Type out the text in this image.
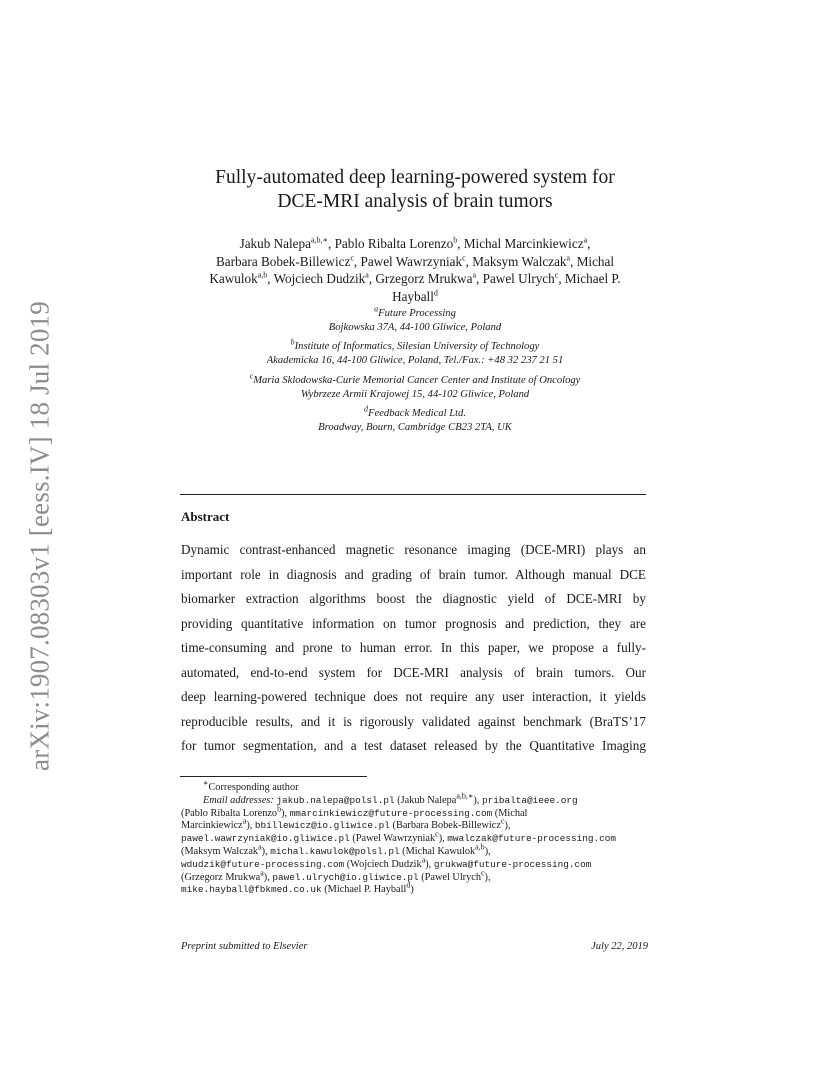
arXiv:1907.08303v1 [eess.IV] 18 Jul 2019
Fully-automated deep learning-powered system for
DCE-MRI analysis of brain tumors
Jakub Nalepa$^{a,b,∗}$, Pablo Ribalta Lorenzo$^b$, Michal Marcinkiewicz$^a$,
Barbara Bobek-Billewicz$^c$, Pawel Wawrzyniak$^c$, Maksym Walczak$^a$, Michal
Kawulok$^{a,b}$, Wojciech Dudzik$^a$, Grzegorz Mrukwa$^a$, Pawel Ulrych$^c$, Michael P.
Hayball$^d$
$^a$Future Processing
Bojkowska 37A, 44-100 Gliwice, Poland
$^b$Institute of Informatics, Silesian University of Technology
Akademicka 16, 44-100 Gliwice, Poland, Tel./Fax.: +48 32 237 21 51
$^c$Maria Sklodowska-Curie Memorial Cancer Center and Institute of Oncology
Wybrzeze Armii Krajowej 15, 44-102 Gliwice, Poland
$^d$Feedback Medical Ltd.
Broadway, Bourn, Cambridge CB23 2TA, UK
Abstract
Dynamic contrast-enhanced magnetic resonance imaging (DCE-MRI) plays an
important role in diagnosis and grading of brain tumor. Although manual DCE
biomarker extraction algorithms boost the diagnostic yield of DCE-MRI by
providing quantitative information on tumor prognosis and prediction, they are
time-consuming and prone to human error. In this paper, we propose a fully-
automated, end-to-end system for DCE-MRI analysis of brain tumors. Our
deep learning-powered technique does not require any user interaction, it yields
reproducible results, and it is rigorously validated against benchmark (BraTS’17
for tumor segmentation, and a test dataset released by the Quantitative Imaging
∗Corresponding author
Email addresses: jakub.nalepa@polsl.pl (Jakub Nalepa$^{a,b,∗}$), pribalta@ieee.org
(Pablo Ribalta Lorenzo$^b$), mmarcinkiewicz@future-processing.com (Michal
Marcinkiewicz$^a$), bbillewicz@io.gliwice.pl (Barbara Bobek-Billewicz$^c$),
pawel.wawrzyniak@io.gliwice.pl (Pawel Wawrzyniak$^c$), mwalczak@future-processing.com
(Maksym Walczak$^a$), michal.kawulok@polsl.pl (Michal Kawulok$^{a,b}$),
wdudzik@future-processing.com (Wojciech Dudzik$^a$), grukwa@future-processing.com
(Grzegorz Mrukwa$^a$), pawel.ulrych@io.gliwice.pl (Pawel Ulrych$^c$),
mike.hayball@fbkmed.co.uk (Michael P. Hayball$^d$)
Preprint submitted to Elsevier	July 22, 2019
